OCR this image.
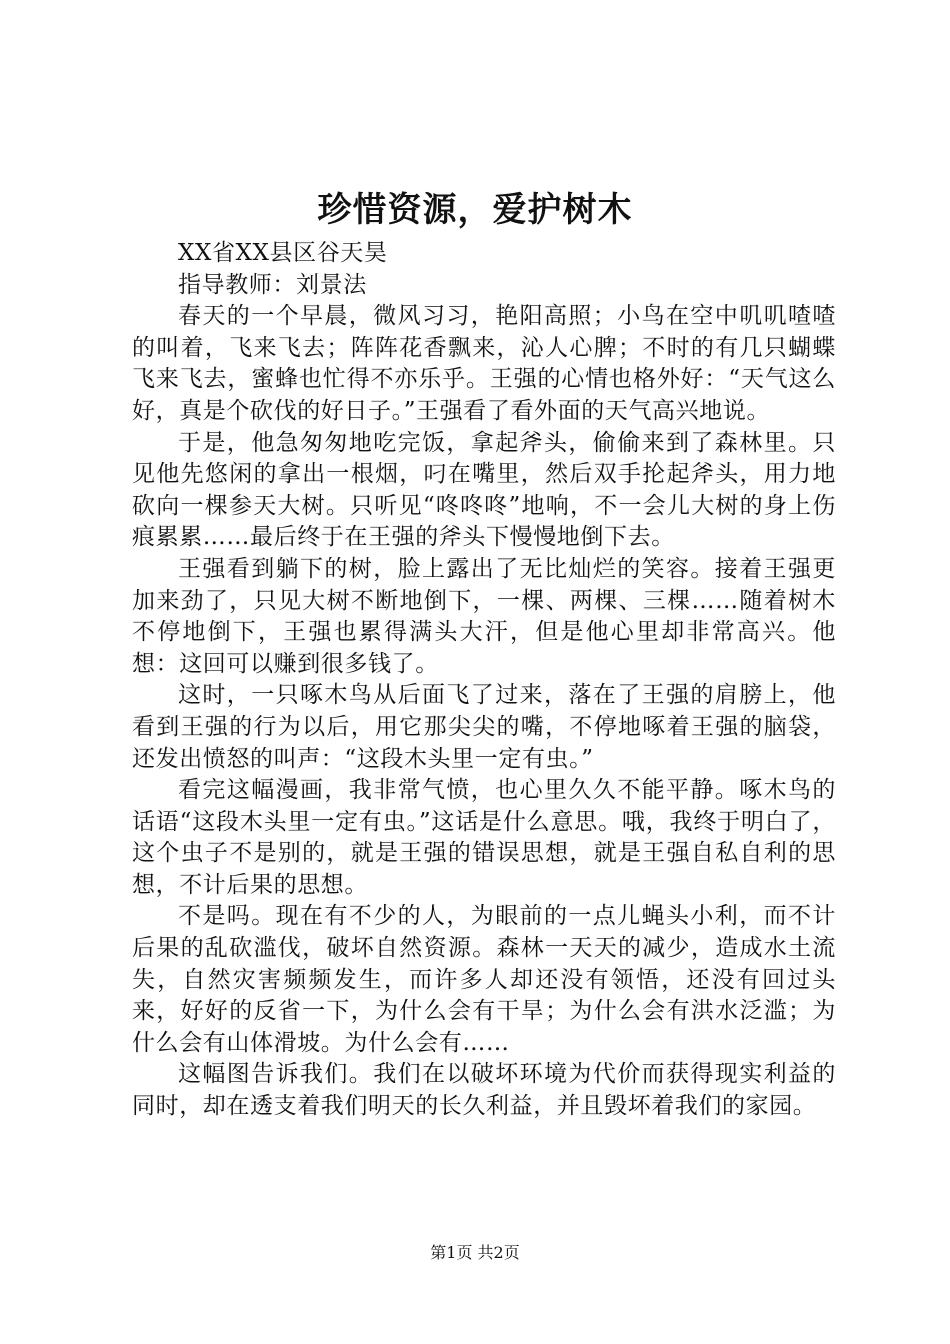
珍惜资源，爱护树木

XX省XX县区谷天昊

指导教师：刘景法

春天的一个早晨，微风习习，艳阳高照；小鸟在空中叽叽喳喳的叫着，飞来飞去；阵阵花香飘来，沁人心脾；不时的有几只蝴蝶飞来飞去，蜜蜂也忙得不亦乐乎。王强的心情也格外好：“天气这么好，真是个砍伐的好日子。”王强看了看外面的天气高兴地说。

于是，他急匆匆地吃完饭，拿起斧头，偷偷来到了森林里。只见他先悠闲的拿出一根烟，叼在嘴里，然后双手抡起斧头，用力地砍向一棵参天大树。只听见“咚咚咚”地响，不一会儿大树的身上伤痕累累……最后终于在王强的斧头下慢慢地倒下去。

王强看到躺下的树，脸上露出了无比灿烂的笑容。接着王强更加来劲了，只见大树不断地倒下，一棵、两棵、三棵……随着树木不停地倒下，王强也累得满头大汗，但是他心里却非常高兴。他想：这回可以赚到很多钱了。

这时，一只啄木鸟从后面飞了过来，落在了王强的肩膀上，他看到王强的行为以后，用它那尖尖的嘴，不停地啄着王强的脑袋，还发出愤怒的叫声：“这段木头里一定有虫。”

看完这幅漫画，我非常气愤，也心里久久不能平静。啄木鸟的话语“这段木头里一定有虫。”这话是什么意思。哦，我终于明白了，这个虫子不是别的，就是王强的错误思想，就是王强自私自利的思想，不计后果的思想。

不是吗。现在有不少的人，为眼前的一点儿蝇头小利，而不计后果的乱砍滥伐，破坏自然资源。森林一天天的减少，造成水土流失，自然灾害频频发生，而许多人却还没有领悟，还没有回过头来，好好的反省一下，为什么会有干旱；为什么会有洪水泛滥；为什么会有山体滑坡。为什么会有……

这幅图告诉我们。我们在以破坏环境为代价而获得现实利益的同时，却在透支着我们明天的长久利益，并且毁坏着我们的家园。

第1页 共2页
